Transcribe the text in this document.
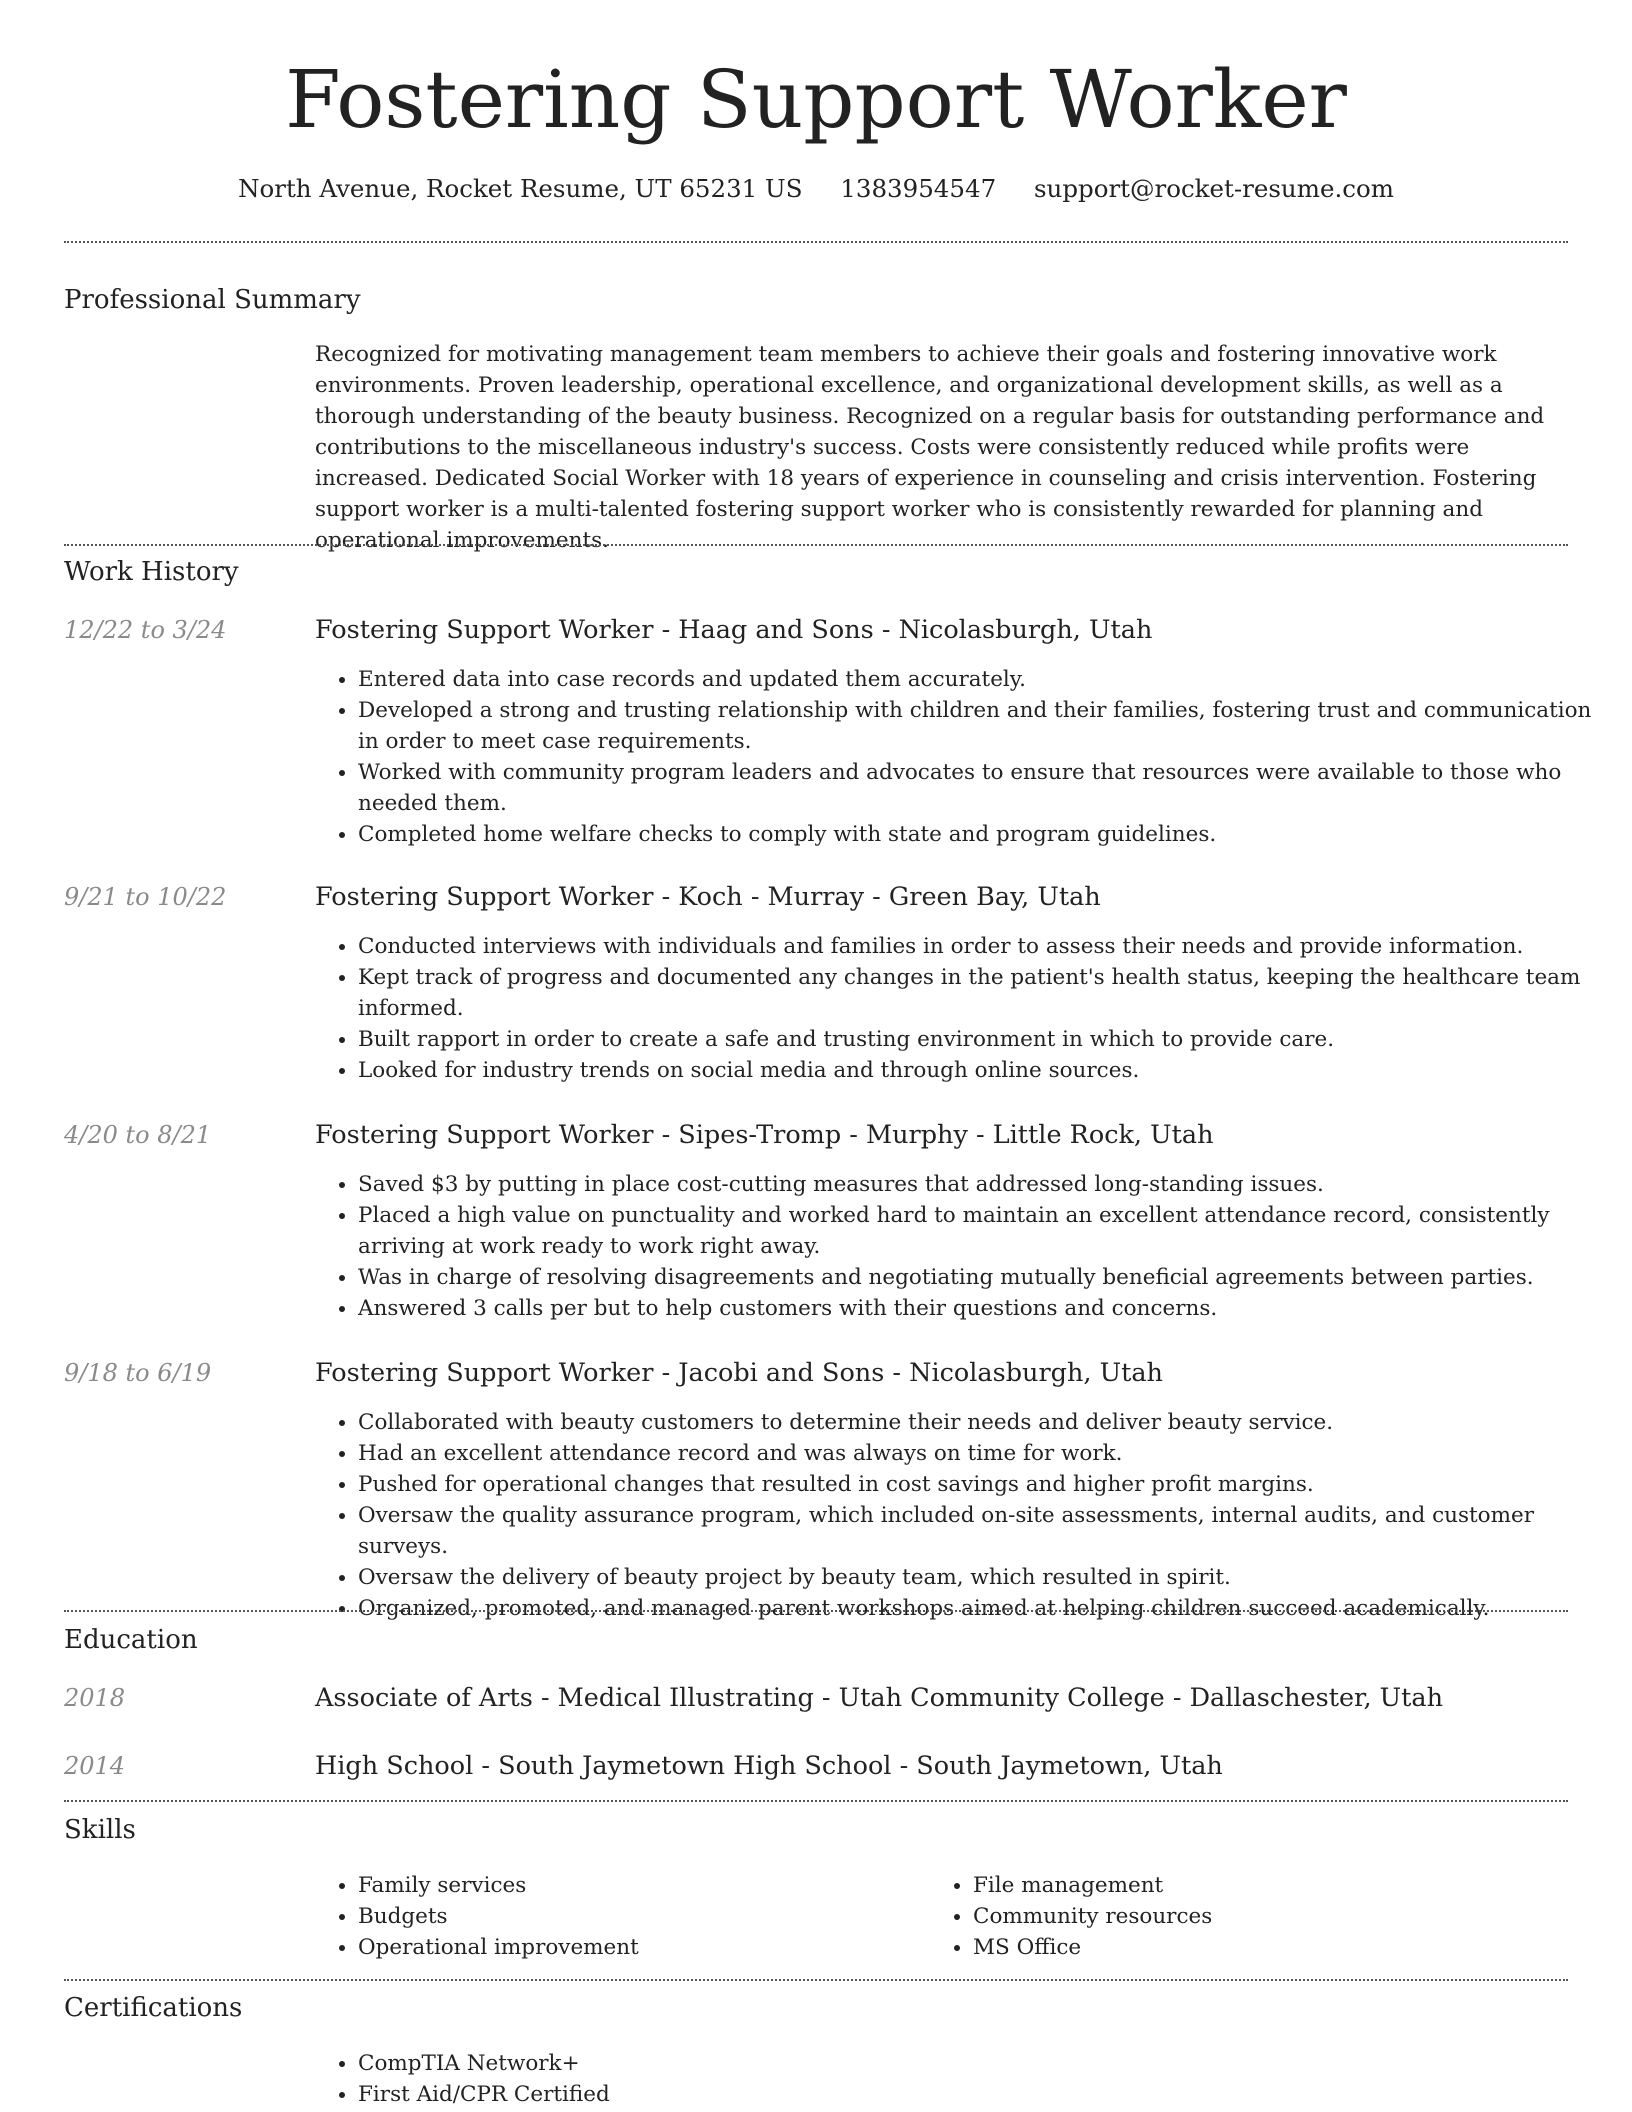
Fostering Support Worker
North Avenue, Rocket Resume, UT 65231 US 1383954547 support@rocket-resume.com
Professional Summary
Recognized for motivating management team members to achieve their goals and fostering innovative work environments. Proven leadership, operational excellence, and organizational development skills, as well as a thorough understanding of the beauty business. Recognized on a regular basis for outstanding performance and contributions to the miscellaneous industry's success. Costs were consistently reduced while profits were increased. Dedicated Social Worker with 18 years of experience in counseling and crisis intervention. Fostering support worker is a multi-talented fostering support worker who is consistently rewarded for planning and operational improvements.
Work History
12/22 to 3/24	Fostering Support Worker - Haag and Sons - Nicolasburgh, Utah
• Entered data into case records and updated them accurately.
• Developed a strong and trusting relationship with children and their families, fostering trust and communication in order to meet case requirements.
• Worked with community program leaders and advocates to ensure that resources were available to those who needed them.
• Completed home welfare checks to comply with state and program guidelines.
9/21 to 10/22	Fostering Support Worker - Koch - Murray - Green Bay, Utah
• Conducted interviews with individuals and families in order to assess their needs and provide information.
• Kept track of progress and documented any changes in the patient's health status, keeping the healthcare team informed.
• Built rapport in order to create a safe and trusting environment in which to provide care.
• Looked for industry trends on social media and through online sources.
4/20 to 8/21	Fostering Support Worker - Sipes-Tromp - Murphy - Little Rock, Utah
• Saved $3 by putting in place cost-cutting measures that addressed long-standing issues.
• Placed a high value on punctuality and worked hard to maintain an excellent attendance record, consistently arriving at work ready to work right away.
• Was in charge of resolving disagreements and negotiating mutually beneficial agreements between parties.
• Answered 3 calls per but to help customers with their questions and concerns.
9/18 to 6/19	Fostering Support Worker - Jacobi and Sons - Nicolasburgh, Utah
• Collaborated with beauty customers to determine their needs and deliver beauty service.
• Had an excellent attendance record and was always on time for work.
• Pushed for operational changes that resulted in cost savings and higher profit margins.
• Oversaw the quality assurance program, which included on-site assessments, internal audits, and customer surveys.
• Oversaw the delivery of beauty project by beauty team, which resulted in spirit.
• Organized, promoted, and managed parent workshops aimed at helping children succeed academically.
Education
2018	Associate of Arts - Medical Illustrating - Utah Community College - Dallaschester, Utah
2014	High School - South Jaymetown High School - South Jaymetown, Utah
Skills
• Family services
• Budgets
• Operational improvement
• File management
• Community resources
• MS Office
Certifications
• CompTIA Network+
• First Aid/CPR Certified
